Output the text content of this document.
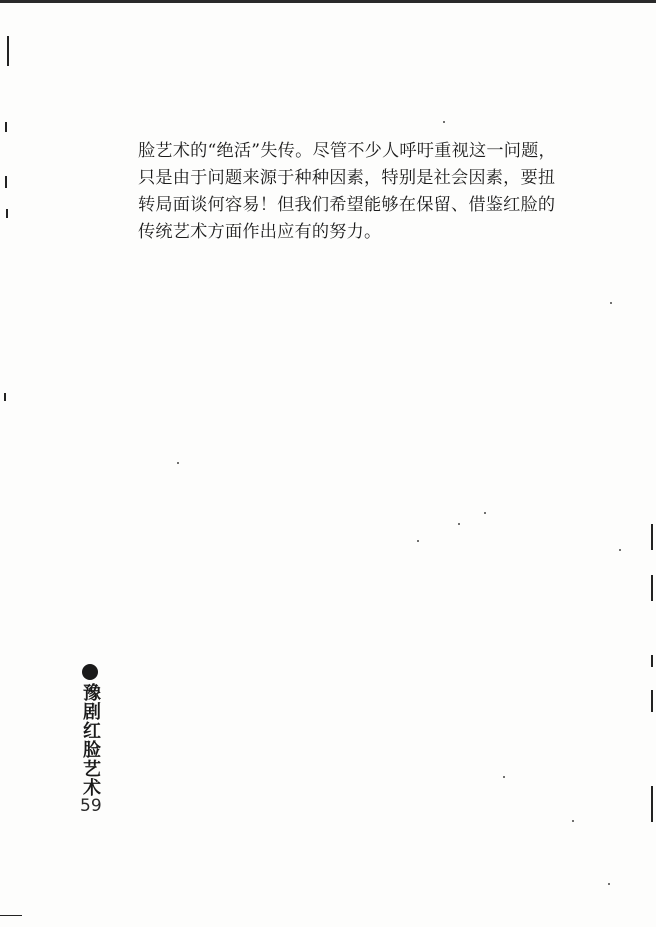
脸艺术的“绝活”失传。尽管不少人呼吁重视这一问题，
只是由于问题来源于种种因素，特别是社会因素，要扭
转局面谈何容易！但我们希望能够在保留、借鉴红脸的
传统艺术方面作出应有的努力。

豫剧红脸艺术
59
